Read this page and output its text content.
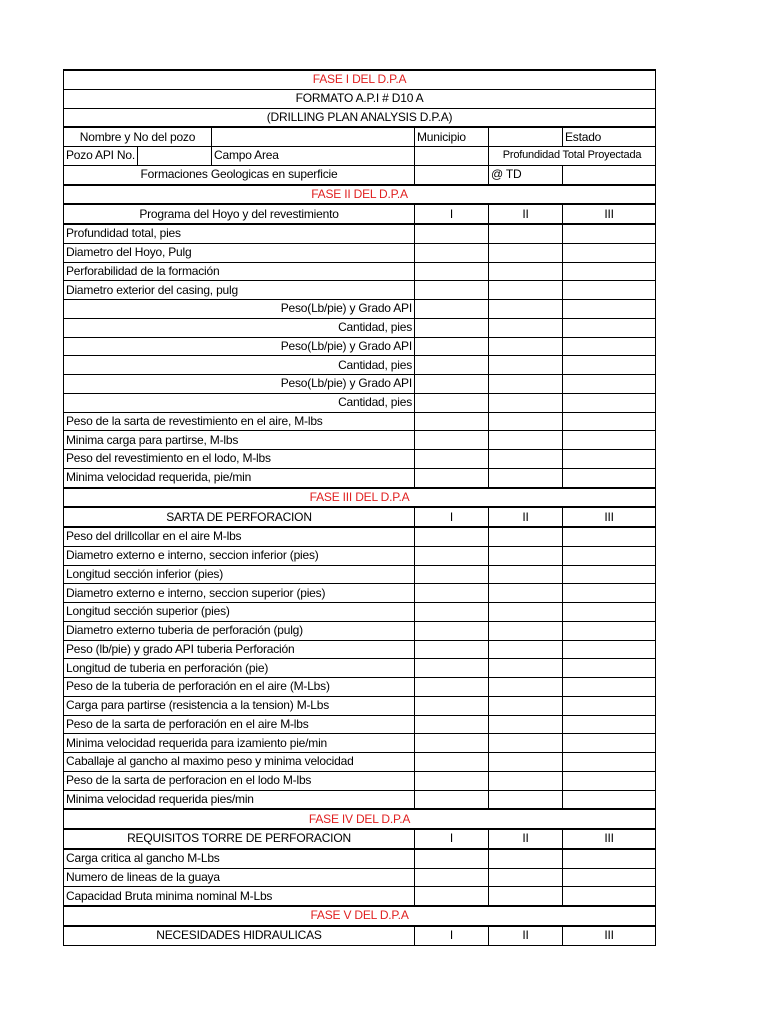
FASE I DEL D.P.A					
FORMATO A.P.I # D10 A					
(DRILLING PLAN ANALYSIS D.P.A)					
Nombre y No del pozo			Municipio		Estado
Pozo API No.		Campo Area		Profundidad Total Proyectada	
Formaciones Geologicas en superficie				@ TD	
FASE II DEL D.P.A					
Programa del Hoyo y del revestimiento			I	II	III
Profundidad total, pies					
Diametro del Hoyo, Pulg					
Perforabilidad de la formación					
Diametro exterior del casing, pulg					
Peso(Lb/pie) y Grado API					
Cantidad, pies					
Peso(Lb/pie) y Grado API					
Cantidad, pies					
Peso(Lb/pie) y Grado API					
Cantidad, pies					
Peso de la sarta de revestimiento en el aire, M-lbs					
Minima carga para partirse, M-lbs					
Peso del revestimiento en el lodo, M-lbs					
Minima velocidad requerida, pie/min					
FASE III DEL D.P.A					
SARTA DE PERFORACION			I	II	III
Peso del drillcollar en el aire M-lbs					
Diametro externo e interno, seccion inferior (pies)					
Longitud sección inferior (pies)					
Diametro externo e interno, seccion superior (pies)					
Longitud sección superior (pies)					
Diametro externo tuberia de perforación (pulg)					
Peso (lb/pie) y grado API tuberia Perforación					
Longitud de tuberia en perforación (pie)					
Peso de la tuberia de perforación en el aire (M-Lbs)					
Carga para partirse (resistencia a la tension) M-Lbs					
Peso de la sarta de perforación en el aire M-lbs					
Minima velocidad requerida para izamiento pie/min					
Caballaje al gancho al maximo peso y minima velocidad					
Peso de la sarta de perforacion en el lodo M-lbs					
Minima velocidad requerida pies/min					
FASE IV DEL D.P.A					
REQUISITOS TORRE DE PERFORACION			I	II	III
Carga critica al gancho M-Lbs					
Numero de lineas de la guaya					
Capacidad Bruta minima nominal M-Lbs					
FASE V DEL D.P.A					
NECESIDADES HIDRAULICAS			I	II	III
